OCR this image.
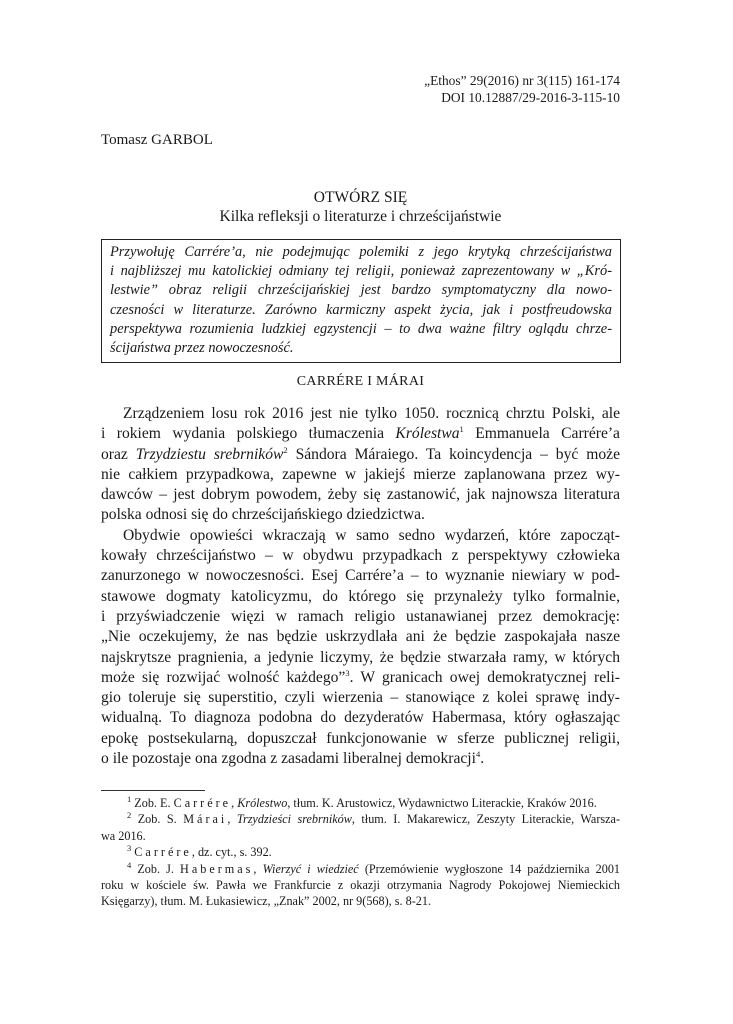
„Ethos” 29(2016) nr 3(115) 161-174
DOI 10.12887/29-2016-3-115-10
Tomasz GARBOL
OTWÓRZ SIĘ
Kilka refleksji o literaturze i chrześcijaństwie
Przywołuję Carrére’a, nie podejmując polemiki z jego krytyką chrześcijaństwa
i najbliższej mu katolickiej odmiany tej religii, ponieważ zaprezentowany w „Kró-
lestwie” obraz religii chrześcijańskiej jest bardzo symptomatyczny dla nowo-
czesności w literaturze. Zarówno karmiczny aspekt życia, jak i postfreudowska
perspektywa rozumienia ludzkiej egzystencji – to dwa ważne filtry oglądu chrze-
ścijaństwa przez nowoczesność.
CARRÉRE I MÁRAI
Zrządzeniem losu rok 2016 jest nie tylko 1050. rocznicą chrztu Polski, ale
i rokiem wydania polskiego tłumaczenia Królestwa$^1$ Emmanuela Carrére’a
oraz Trzydziestu srebrników$^2$ Sándora Máraiego. Ta koincydencja – być może
nie całkiem przypadkowa, zapewne w jakiejś mierze zaplanowana przez wy-
dawców – jest dobrym powodem, żeby się zastanowić, jak najnowsza literatura
polska odnosi się do chrześcijańskiego dziedzictwa.
Obydwie opowieści wkraczają w samo sedno wydarzeń, które zapocząt-
kowały chrześcijaństwo – w obydwu przypadkach z perspektywy człowieka
zanurzonego w nowoczesności. Esej Carrére’a – to wyznanie niewiary w pod-
stawowe dogmaty katolicyzmu, do którego się przynależy tylko formalnie,
i przyświadczenie więzi w ramach religio ustanawianej przez demokrację:
„Nie oczekujemy, że nas będzie uskrzydlała ani że będzie zaspokajała nasze
najskrytsze pragnienia, a jedynie liczymy, że będzie stwarzała ramy, w których
może się rozwijać wolność każdego”$^3$. W granicach owej demokratycznej reli-
gio toleruje się superstitio, czyli wierzenia – stanowiące z kolei sprawę indy-
widualną. To diagnoza podobna do dezyderatów Habermasa, który ogłaszając
epokę postsekularną, dopuszczał funkcjonowanie w sferze publicznej religii,
o ile pozostaje ona zgodna z zasadami liberalnej demokracji$^4$.
$^1$ Zob. E. Carrére, Królestwo, tłum. K. Arustowicz, Wydawnictwo Literackie, Kraków 2016.
$^2$ Zob. S. Márai, Trzydzieści srebrników, tłum. I. Makarewicz, Zeszyty Literackie, Warsza-
wa 2016.
$^3$ Carrére, dz. cyt., s. 392.
$^4$ Zob. J. Habermas, Wierzyć i wiedzieć (Przemówienie wygłoszone 14 października 2001
roku w kościele św. Pawła we Frankfurcie z okazji otrzymania Nagrody Pokojowej Niemieckich
Księgarzy), tłum. M. Łukasiewicz, „Znak” 2002, nr 9(568), s. 8-21.
